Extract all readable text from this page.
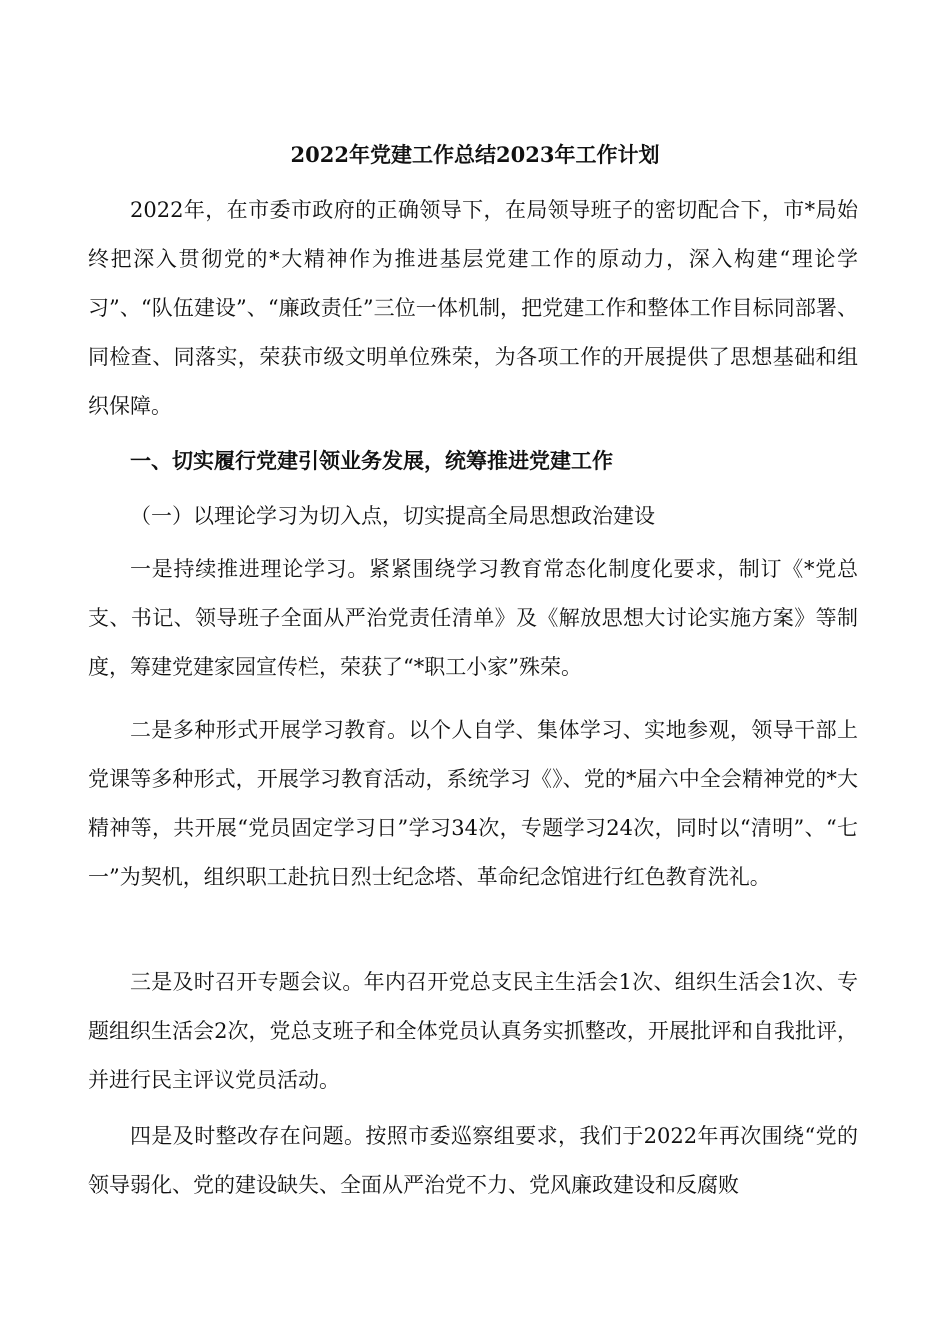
2022年党建工作总结2023年工作计划

2022年，在市委市政府的正确领导下，在局领导班子的密切配合下，市*局始终把深入贯彻党的*大精神作为推进基层党建工作的原动力，深入构建“理论学习”、“队伍建设”、“廉政责任”三位一体机制，把党建工作和整体工作目标同部署、同检查、同落实，荣获市级文明单位殊荣，为各项工作的开展提供了思想基础和组织保障。

一、切实履行党建引领业务发展，统筹推进党建工作
（一）以理论学习为切入点，切实提高全局思想政治建设

一是持续推进理论学习。紧紧围绕学习教育常态化制度化要求，制订《*党总支、书记、领导班子全面从严治党责任清单》及《解放思想大讨论实施方案》等制度，筹建党建家园宣传栏，荣获了“*职工小家”殊荣。

二是多种形式开展学习教育。以个人自学、集体学习、实地参观，领导干部上党课等多种形式，开展学习教育活动，系统学习《》、党的*届六中全会精神党的*大精神等，共开展“党员固定学习日”学习34次，专题学习24次，同时以“清明”、“七一”为契机，组织职工赴抗日烈士纪念塔、革命纪念馆进行红色教育洗礼。

三是及时召开专题会议。年内召开党总支民主生活会1次、组织生活会1次、专题组织生活会2次，党总支班子和全体党员认真务实抓整改，开展批评和自我批评，并进行民主评议党员活动。

四是及时整改存在问题。按照市委巡察组要求，我们于2022年再次围绕“党的领导弱化、党的建设缺失、全面从严治党不力、党风廉政建设和反腐败
